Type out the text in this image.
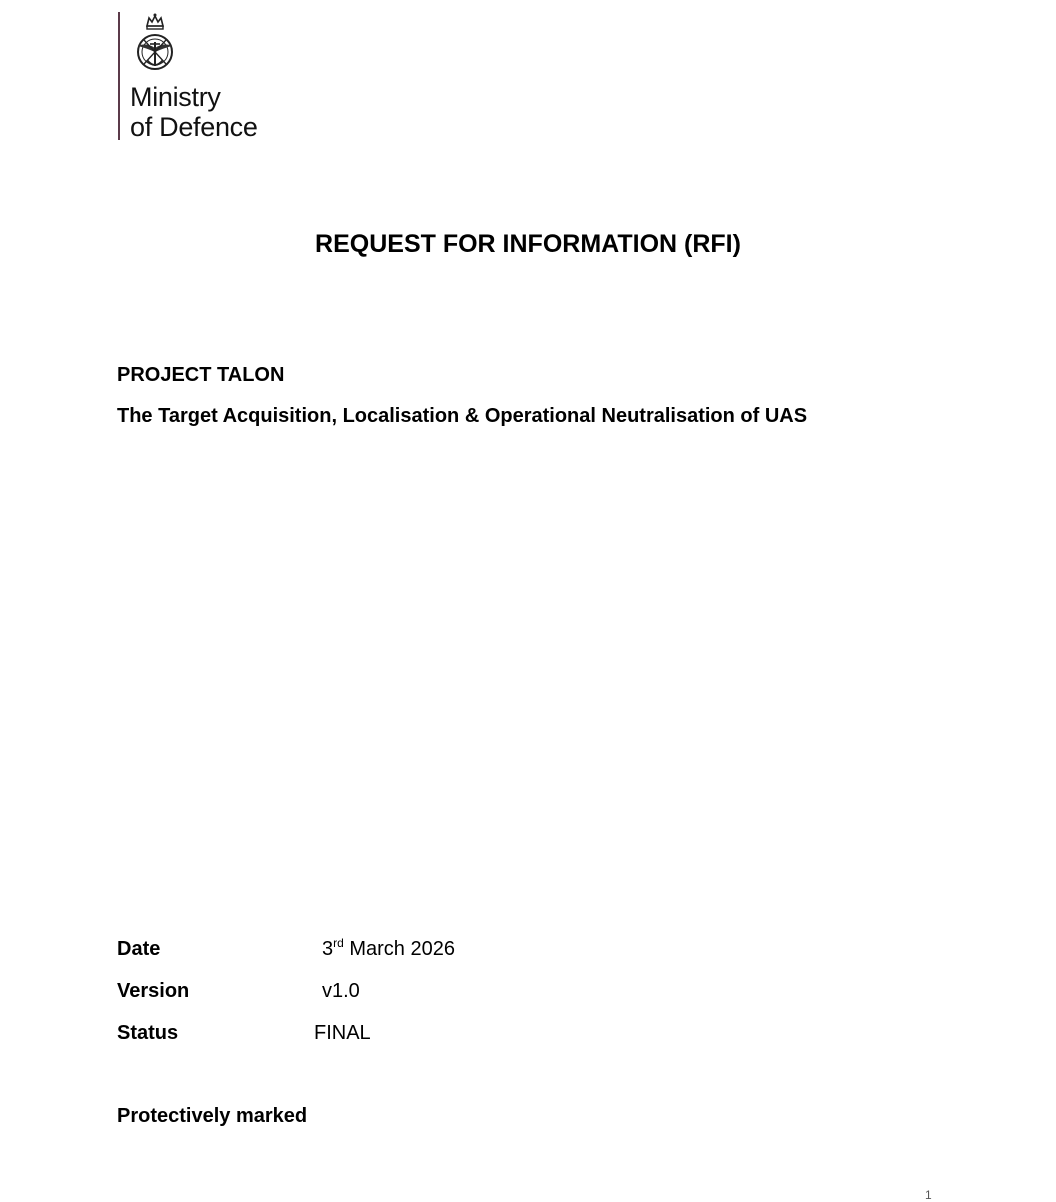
Ministry
of Defence
REQUEST FOR INFORMATION (RFI)
PROJECT TALON
The Target Acquisition, Localisation & Operational Neutralisation of UAS
Date	3rd March 2026
Version	v1.0
Status	FINAL
Protectively marked
1
